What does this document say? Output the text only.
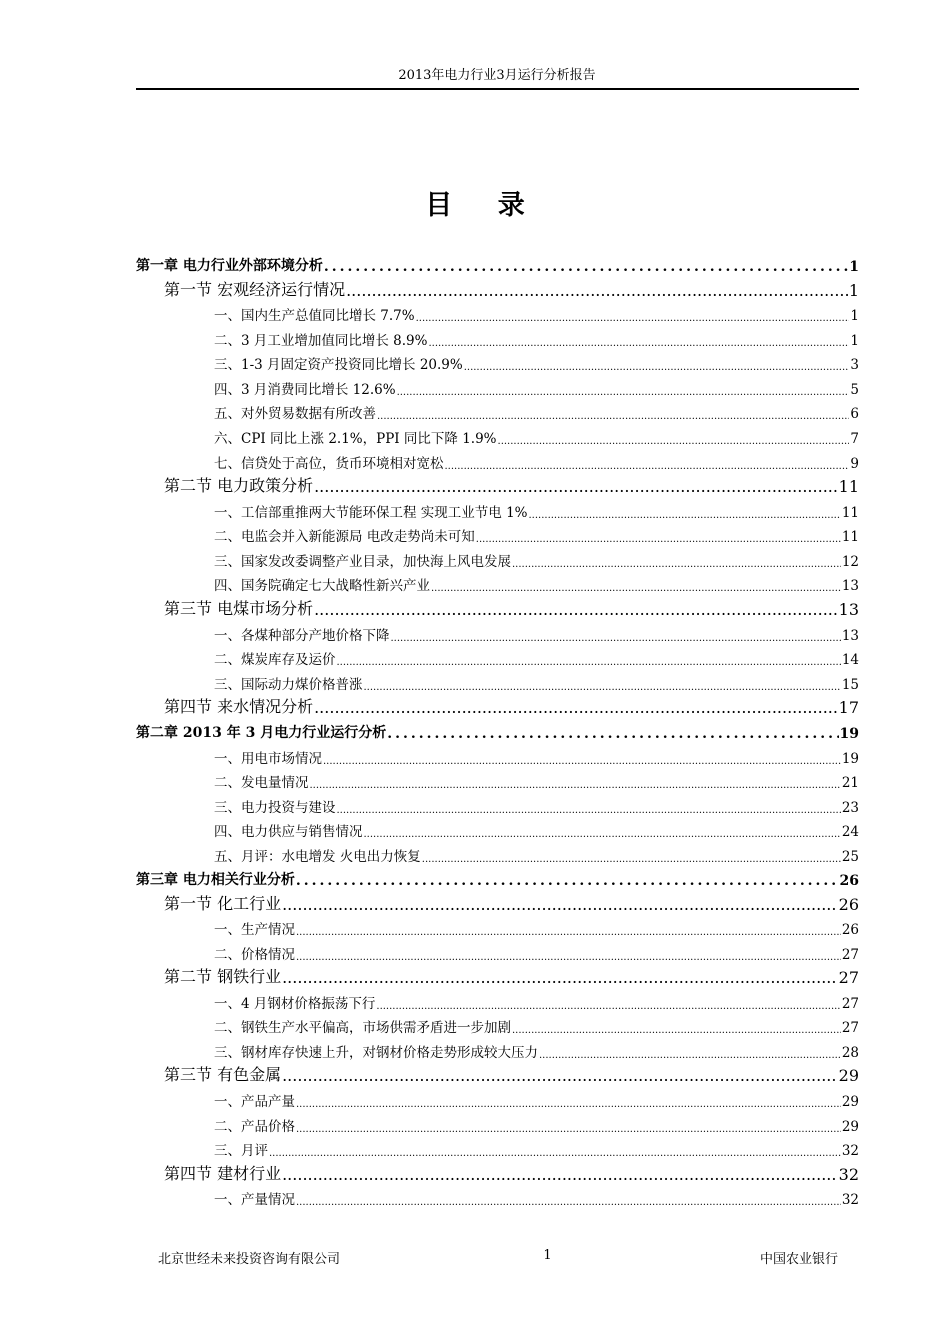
2013年电力行业3月运行分析报告
目 录
第一章 电力行业外部环境分析 .....	1
第一节 宏观经济运行情况 .....	1
一、国内生产总值同比增长 7.7% .....	1
二、3 月工业增加值同比增长 8.9% .....	1
三、1-3 月固定资产投资同比增长 20.9% .....	3
四、3 月消费同比增长 12.6% .....	5
五、对外贸易数据有所改善 .....	6
六、CPI 同比上涨 2.1%，PPI 同比下降 1.9% .....	7
七、信贷处于高位，货币环境相对宽松 .....	9
第二节 电力政策分析 .....	11
一、工信部重推两大节能环保工程 实现工业节电 1% .....	11
二、电监会并入新能源局 电改走势尚未可知 .....	11
三、国家发改委调整产业目录，加快海上风电发展 .....	12
四、国务院确定七大战略性新兴产业 .....	13
第三节 电煤市场分析 .....	13
一、各煤种部分产地价格下降 .....	13
二、煤炭库存及运价 .....	14
三、国际动力煤价格普涨 .....	15
第四节 来水情况分析 .....	17
第二章 2013 年 3 月电力行业运行分析 .....	19
一、用电市场情况 .....	19
二、发电量情况 .....	21
三、电力投资与建设 .....	23
四、电力供应与销售情况 .....	24
五、月评：水电增发 火电出力恢复 .....	25
第三章 电力相关行业分析 .....	26
第一节 化工行业 .....	26
一、生产情况 .....	26
二、价格情况 .....	27
第二节 钢铁行业 .....	27
一、4 月钢材价格振荡下行 .....	27
二、钢铁生产水平偏高，市场供需矛盾进一步加剧 .....	27
三、钢材库存快速上升，对钢材价格走势形成较大压力 .....	28
第三节 有色金属 .....	29
一、产品产量 .....	29
二、产品价格 .....	29
三、月评 .....	32
第四节 建材行业 .....	32
一、产量情况 .....	32
北京世经未来投资咨询有限公司	1	中国农业银行
